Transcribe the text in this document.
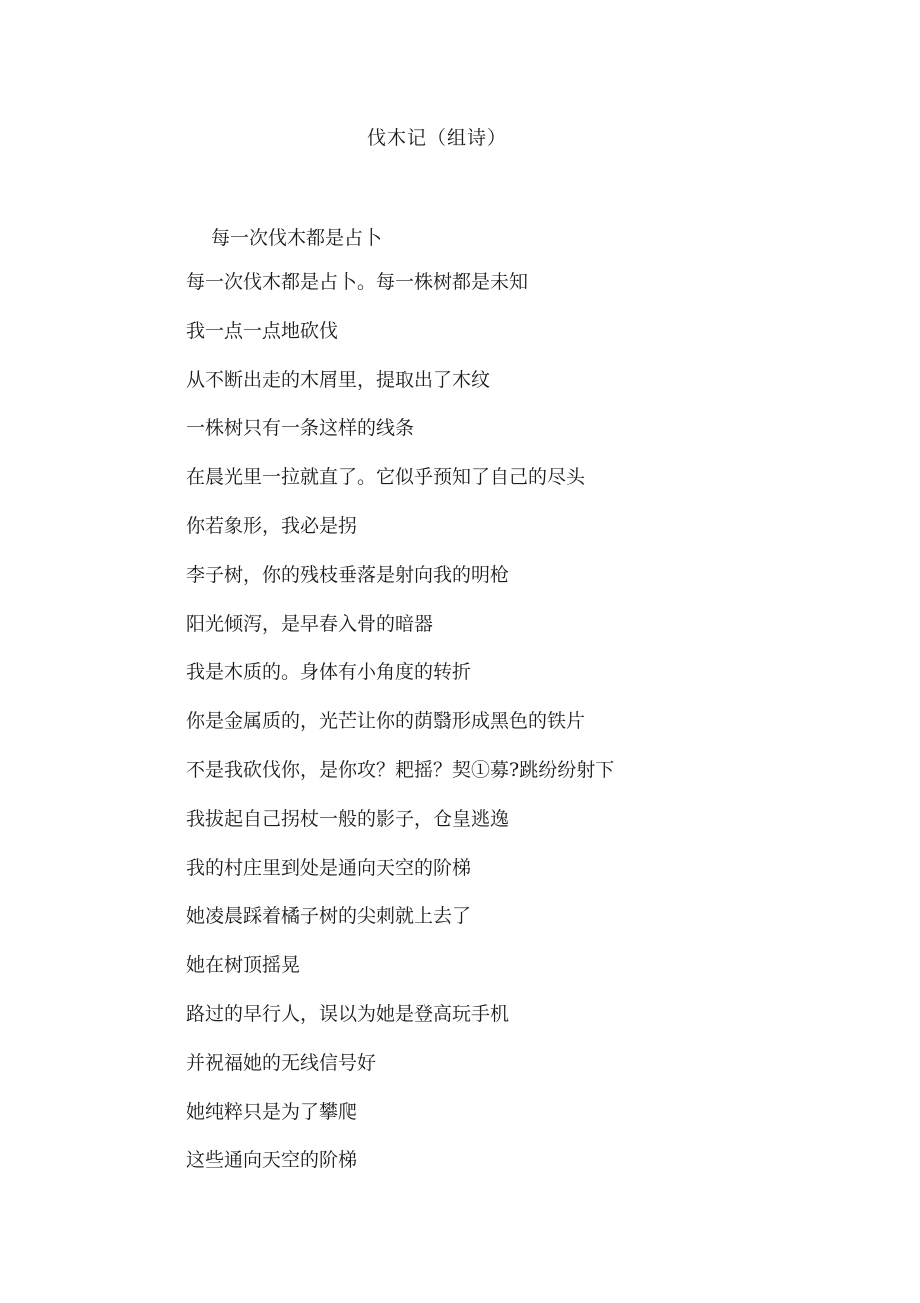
伐木记（组诗）
每一次伐木都是占卜
每一次伐木都是占卜。每一株树都是未知
我一点一点地砍伐
从不断出走的木屑里，提取出了木纹
一株树只有一条这样的线条
在晨光里一拉就直了。它似乎预知了自己的尽头
你若象形，我必是拐
李子树，你的残枝垂落是射向我的明枪
阳光倾泻，是早春入骨的暗器
我是木质的。身体有小角度的转折
你是金属质的，光芒让你的荫翳形成黑色的铁片
不是我砍伐你，是你攻？耙摇？契①募?跳纷纷射下
我拔起自己拐杖一般的影子，仓皇逃逸
我的村庄里到处是通向天空的阶梯
她凌晨踩着橘子树的尖刺就上去了
她在树顶摇晃
路过的早行人，误以为她是登高玩手机
并祝福她的无线信号好
她纯粹只是为了攀爬
这些通向天空的阶梯
